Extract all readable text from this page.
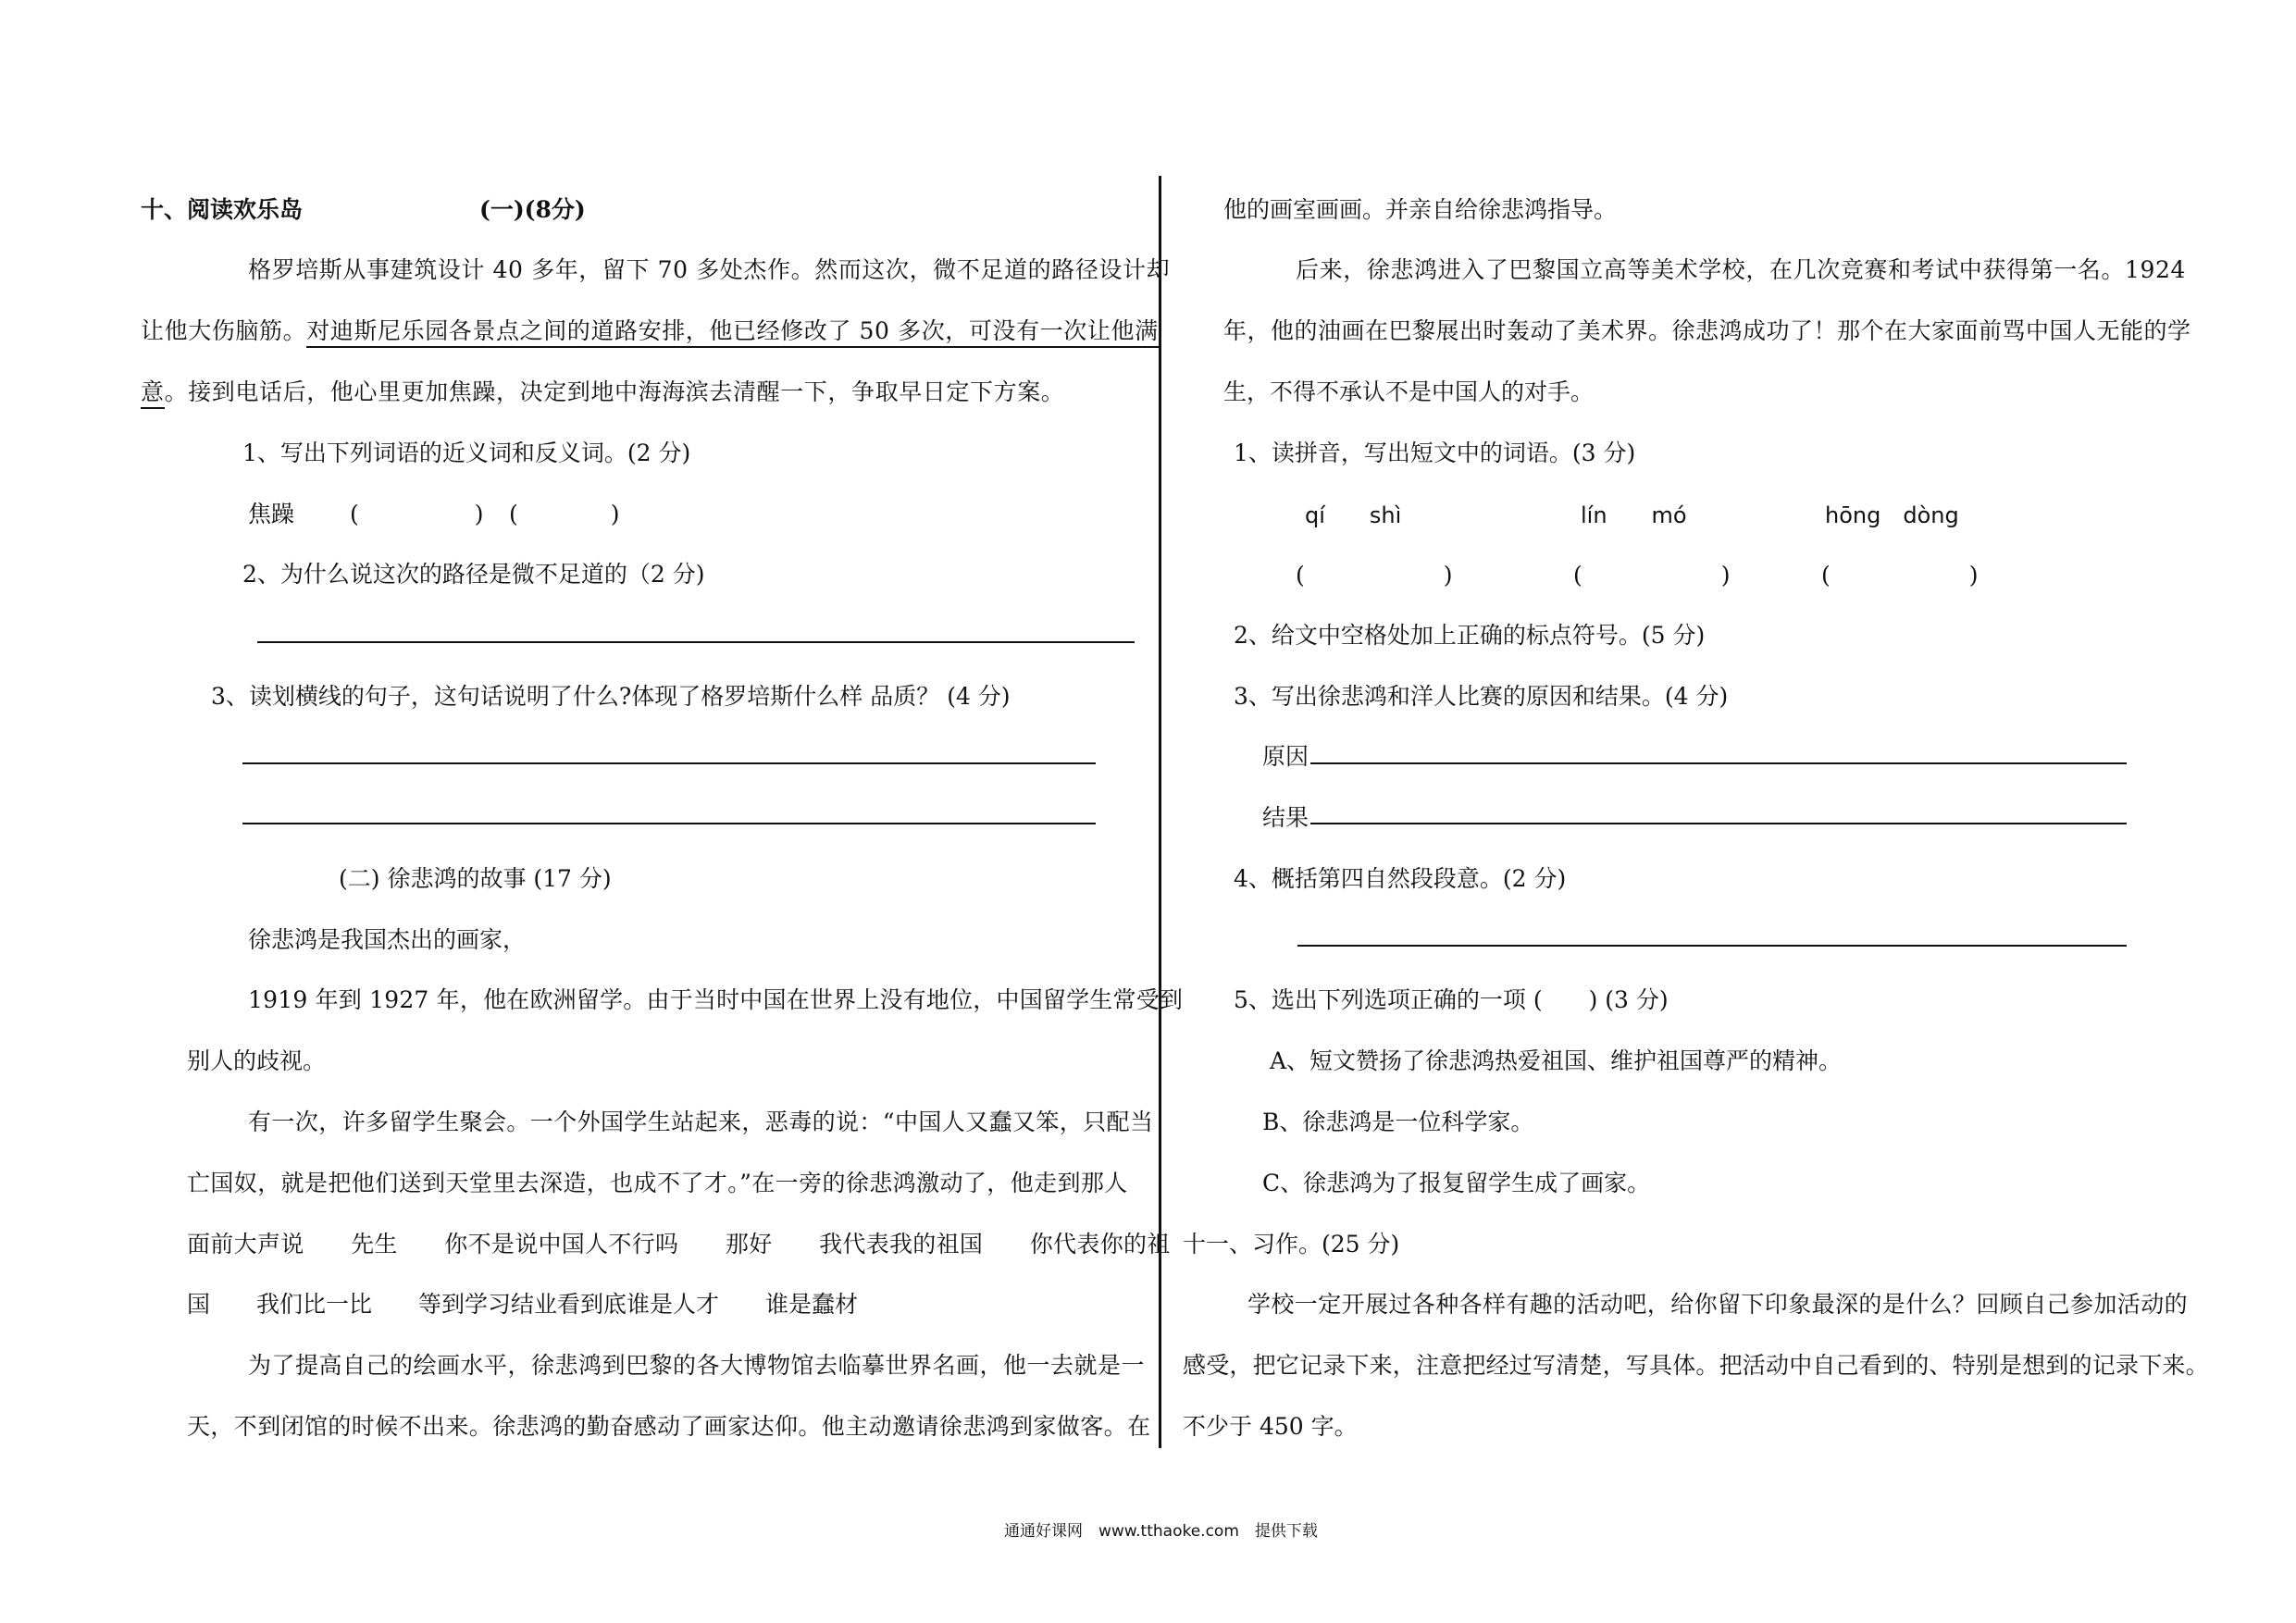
十、阅读欢乐岛	(一)(8分)
格罗培斯从事建筑设计 40 多年，留下 70 多处杰作。然而这次，微不足道的路径设计却
让他大伤脑筋。对迪斯尼乐园各景点之间的道路安排，他已经修改了 50 多次，可没有一次让他满
意。接到电话后，他心里更加焦躁，决定到地中海海滨去清醒一下，争取早日定下方案。
1、写出下列词语的近义词和反义词。(2 分)
焦躁 (　　　　　) (　　　　)
2、为什么说这次的路径是微不足道的（2 分)
3、读划横线的句子，这句话说明了什么?体现了格罗培斯什么样 品质？ (4 分)
(二) 徐悲鸿的故事 (17 分)
徐悲鸿是我国杰出的画家，
1919 年到 1927 年，他在欧洲留学。由于当时中国在世界上没有地位，中国留学生常受到
别人的歧视。
有一次，许多留学生聚会。一个外国学生站起来，恶毒的说：“中国人又蠢又笨，只配当
亡国奴，就是把他们送到天堂里去深造，也成不了才。”在一旁的徐悲鸿激动了，他走到那人
面前大声说　　先生　　你不是说中国人不行吗　　那好　　我代表我的祖国　　你代表你的祖
国　　我们比一比　　等到学习结业看到底谁是人才　　谁是蠢材
为了提高自己的绘画水平，徐悲鸿到巴黎的各大博物馆去临摹世界名画，他一去就是一
天，不到闭馆的时候不出来。徐悲鸿的勤奋感动了画家达仰。他主动邀请徐悲鸿到家做客。在
他的画室画画。并亲自给徐悲鸿指导。
后来，徐悲鸿进入了巴黎国立高等美术学校，在几次竞赛和考试中获得第一名。1924
年，他的油画在巴黎展出时轰动了美术界。徐悲鸿成功了！那个在大家面前骂中国人无能的学
生，不得不承认不是中国人的对手。
1、读拼音，写出短文中的词语。(3 分)
qí　　shì	lín　　mó	hōng　dòng
(　　　　　　)	(　　　　　　)	(　　　　　　)
2、给文中空格处加上正确的标点符号。(5 分)
3、写出徐悲鸿和洋人比赛的原因和结果。(4 分)
原因
结果
4、概括第四自然段段意。(2 分)
5、选出下列选项正确的一项 (　　) (3 分)
A、短文赞扬了徐悲鸿热爱祖国、维护祖国尊严的精神。
B、徐悲鸿是一位科学家。
C、徐悲鸿为了报复留学生成了画家。
十一、习作。(25 分)
学校一定开展过各种各样有趣的活动吧，给你留下印象最深的是什么？回顾自己参加活动的
感受，把它记录下来，注意把经过写清楚，写具体。把活动中自己看到的、特别是想到的记录下来。
不少于 450 字。
通通好课网　www.tthaoke.com　提供下载
